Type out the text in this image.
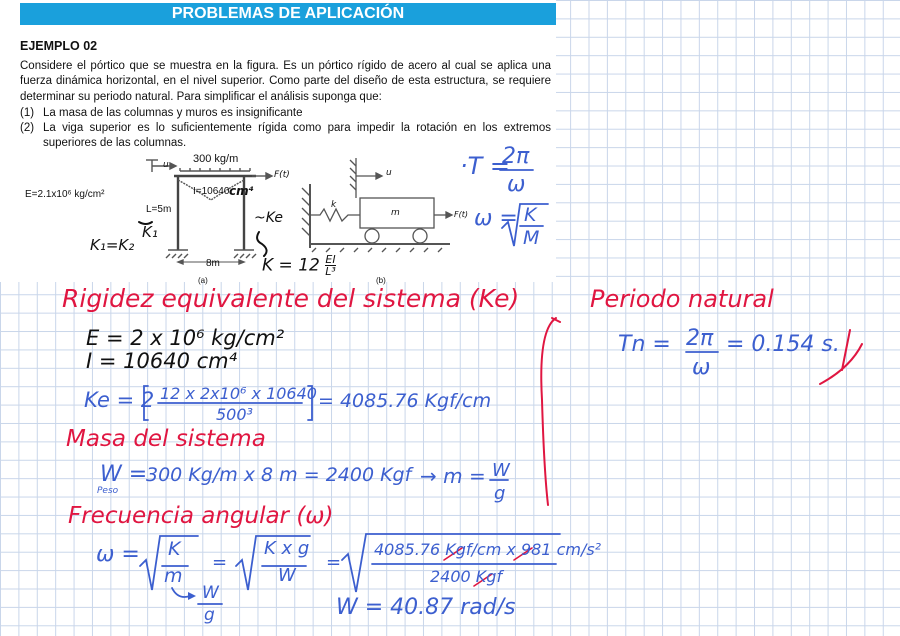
PROBLEMAS DE APLICACIÓN
EJEMPLO 02
Considere el pórtico que se muestra en la figura. Es un pórtico rígido de acero al cual se aplica una fuerza dinámica horizontal, en el nivel superior. Como parte del diseño de esta estructura, se requiere determinar su periodo natural. Para simplificar el análisis suponga que:
(1) La masa de las columnas y muros es insignificante
(2) La viga superior es lo suficientemente rígida como para impedir la rotación en los extremos superiores de las columnas.
E=2.1x10⁶ kg/cm²
300 kg/m
u
F(t)
I=10640
L=5m
8m
(a)
u
k
m	F(t)
(b)
cm⁴
~Ke
K₁
K₁=K₂
$K = 12 \frac{EI}{\text{L³}}$
·T =
2π
ω
ω = K
M
Rigidez equivalente del sistema (Ke)
E = 2 x 10⁶ kg/cm²
I = 10640 cm⁴
Ke = 2 12 x 2x10⁶ x 10640
500³
= 4085.76 Kgf/cm
Masa del sistema
W =
Peso
300 Kg/m x 8 m = 2400 Kgf → m = W
g
Frecuencia angular (ω)
ω = K
m
=
K x g
W
=
4085.76 Kgf/cm x 981 cm/s²
2400 Kgf
W
g	W = 40.87 rad/s
Periodo natural
Tn = 2π
ω
= 0.154 s.
